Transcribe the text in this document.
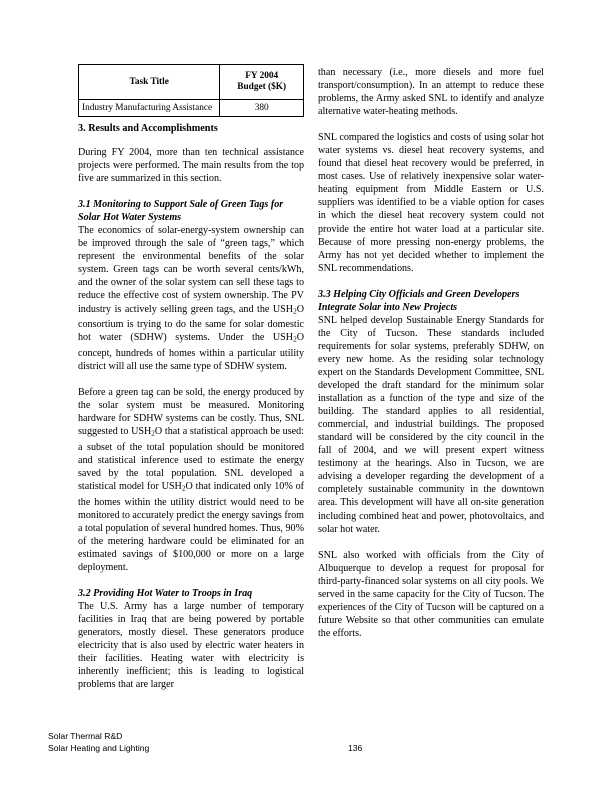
Task Title	FY 2004
Budget ($K)

Industry Manufacturing Assistance	380
3. Results and Accomplishments

During FY 2004, more than ten technical assistance projects were performed. The main results from the top five are summarized in this section.

3.1 Monitoring to Support Sale of Green Tags for
Solar Hot Water Systems

The economics of solar-energy-system ownership can be improved through the sale of “green tags,” which represent the environmental benefits of the solar system. Green tags can be worth several cents/kWh, and the owner of the solar system can sell these tags to reduce the effective cost of system ownership. The PV industry is actively selling green tags, and the $USH_2O$ consortium is trying to do the same for solar domestic hot water (SDHW) systems. Under the $USH_2O$ concept, hundreds of homes within a particular utility district will all use the same type of SDHW system.

Before a green tag can be sold, the energy produced by the solar system must be measured. Monitoring hardware for SDHW systems can be costly. Thus, SNL suggested to $USH_2O$ that a statistical approach be used: a subset of the total population should be monitored and statistical inference used to estimate the energy saved by the total population. SNL developed a statistical model for $USH_2O$ that indicated only 10% of the homes within the utility district would need to be monitored to accurately predict the energy savings from a total population of several hundred homes. Thus, 90% of the metering hardware could be eliminated for an estimated savings of $100,000 or more on a large deployment.

3.2 Providing Hot Water to Troops in Iraq

The U.S. Army has a large number of temporary facilities in Iraq that are being powered by portable generators, mostly diesel. These generators produce electricity that is also used by electric water heaters in their facilities. Heating water with electricity is inherently inefficient; this is leading to logistical problems that are larger

than necessary (i.e., more diesels and more fuel transport/consumption). In an attempt to reduce these problems, the Army asked SNL to identify and analyze alternative water-heating methods.

SNL compared the logistics and costs of using solar hot water systems vs. diesel heat recovery systems, and found that diesel heat recovery would be preferred, in most cases. Use of relatively inexpensive solar water-heating equipment from Middle Eastern or U.S. suppliers was identified to be a viable option for cases in which the diesel heat recovery system could not provide the entire hot water load at a particular site. Because of more pressing non-energy problems, the Army has not yet decided whether to implement the SNL recommendations.

3.3 Helping City Officials and Green Developers
Integrate Solar into New Projects

SNL helped develop Sustainable Energy Standards for the City of Tucson. These standards included requirements for solar systems, preferably SDHW, on every new home. As the residing solar technology expert on the Standards Development Committee, SNL developed the draft standard for the minimum solar installation as a function of the type and size of the building. The standard applies to all residential, commercial, and industrial buildings. The proposed standard will be considered by the city council in the fall of 2004, and we will present expert witness testimony at the hearings. Also in Tucson, we are advising a developer regarding the development of a completely sustainable community in the downtown area. This development will have all on-site generation including combined heat and power, photovoltaics, and solar hot water.

SNL also worked with officials from the City of Albuquerque to develop a request for proposal for third-party-financed solar systems on all city pools. We served in the same capacity for the City of Tucson. The experiences of the City of Tucson will be captured on a future Website so that other communities can emulate the efforts.

Solar Thermal R&D
Solar Heating and Lighting	136
